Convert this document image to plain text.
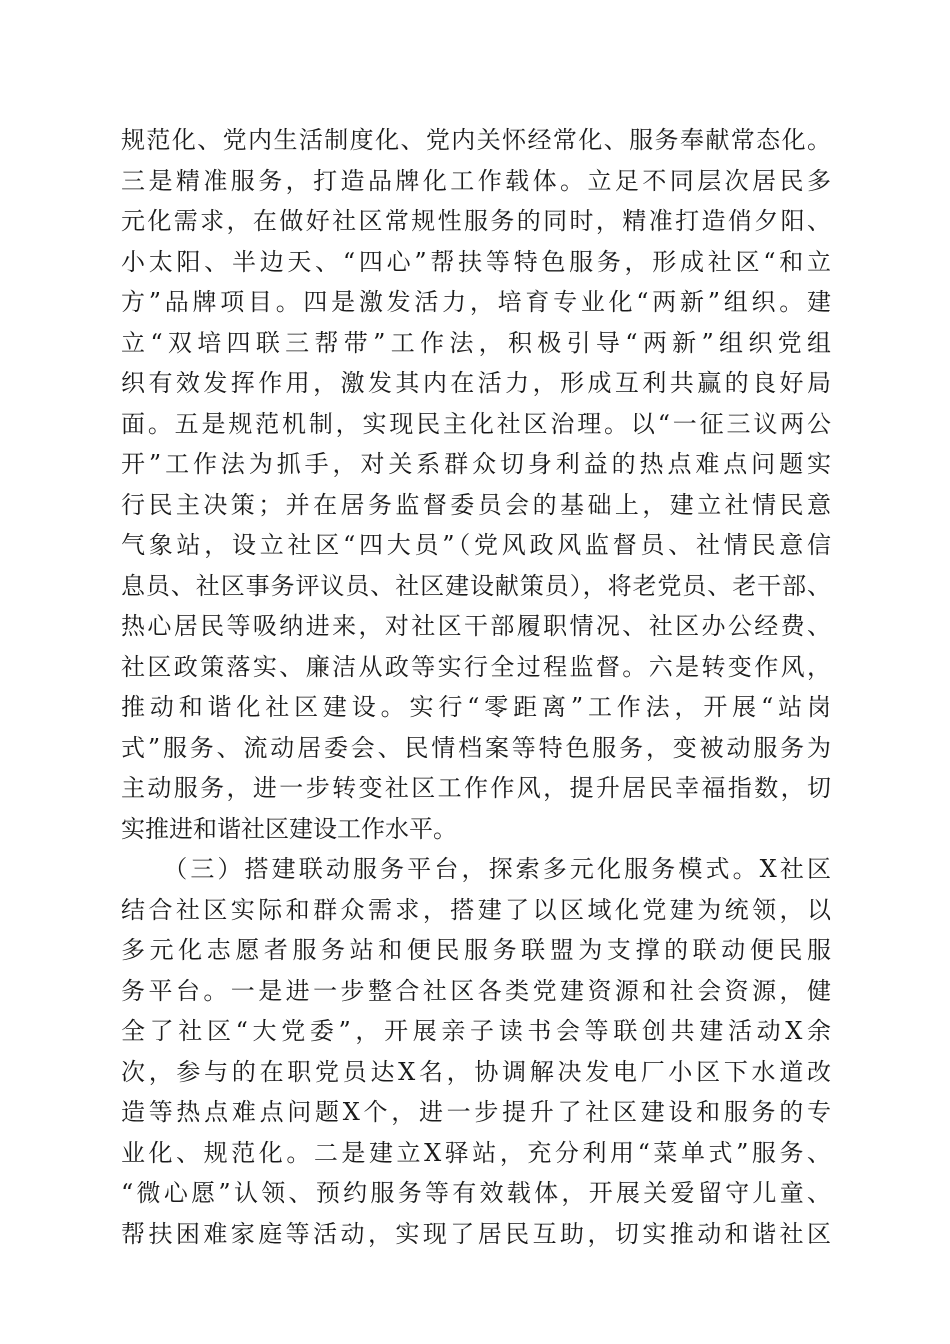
规范化、党内生活制度化、党内关怀经常化、服务奉献常态化。
三是精准服务，打造品牌化工作载体。立足不同层次居民多
元化需求，在做好社区常规性服务的同时，精准打造俏夕阳、
小太阳、半边天、“四心”帮扶等特色服务，形成社区“和立
方”品牌项目。四是激发活力，培育专业化“两新”组织。建
立“双培四联三帮带”工作法，积极引导“两新”组织党组
织有效发挥作用，激发其内在活力，形成互利共赢的良好局
面。五是规范机制，实现民主化社区治理。以“一征三议两公
开”工作法为抓手，对关系群众切身利益的热点难点问题实
行民主决策；并在居务监督委员会的基础上，建立社情民意
气象站，设立社区“四大员”（党风政风监督员、社情民意信
息员、社区事务评议员、社区建设献策员），将老党员、老干部、
热心居民等吸纳进来，对社区干部履职情况、社区办公经费、
社区政策落实、廉洁从政等实行全过程监督。六是转变作风，
推动和谐化社区建设。实行“零距离”工作法，开展“站岗
式”服务、流动居委会、民情档案等特色服务，变被动服务为
主动服务，进一步转变社区工作作风，提升居民幸福指数，切
实推进和谐社区建设工作水平。
　　（三）搭建联动服务平台，探索多元化服务模式。X社区
结合社区实际和群众需求，搭建了以区域化党建为统领，以
多元化志愿者服务站和便民服务联盟为支撑的联动便民服
务平台。一是进一步整合社区各类党建资源和社会资源，健
全了社区“大党委”，开展亲子读书会等联创共建活动X余
次，参与的在职党员达X名，协调解决发电厂小区下水道改
造等热点难点问题X个，进一步提升了社区建设和服务的专
业化、规范化。二是建立X驿站，充分利用“菜单式”服务、
“微心愿”认领、预约服务等有效载体，开展关爱留守儿童、
帮扶困难家庭等活动，实现了居民互助，切实推动和谐社区
